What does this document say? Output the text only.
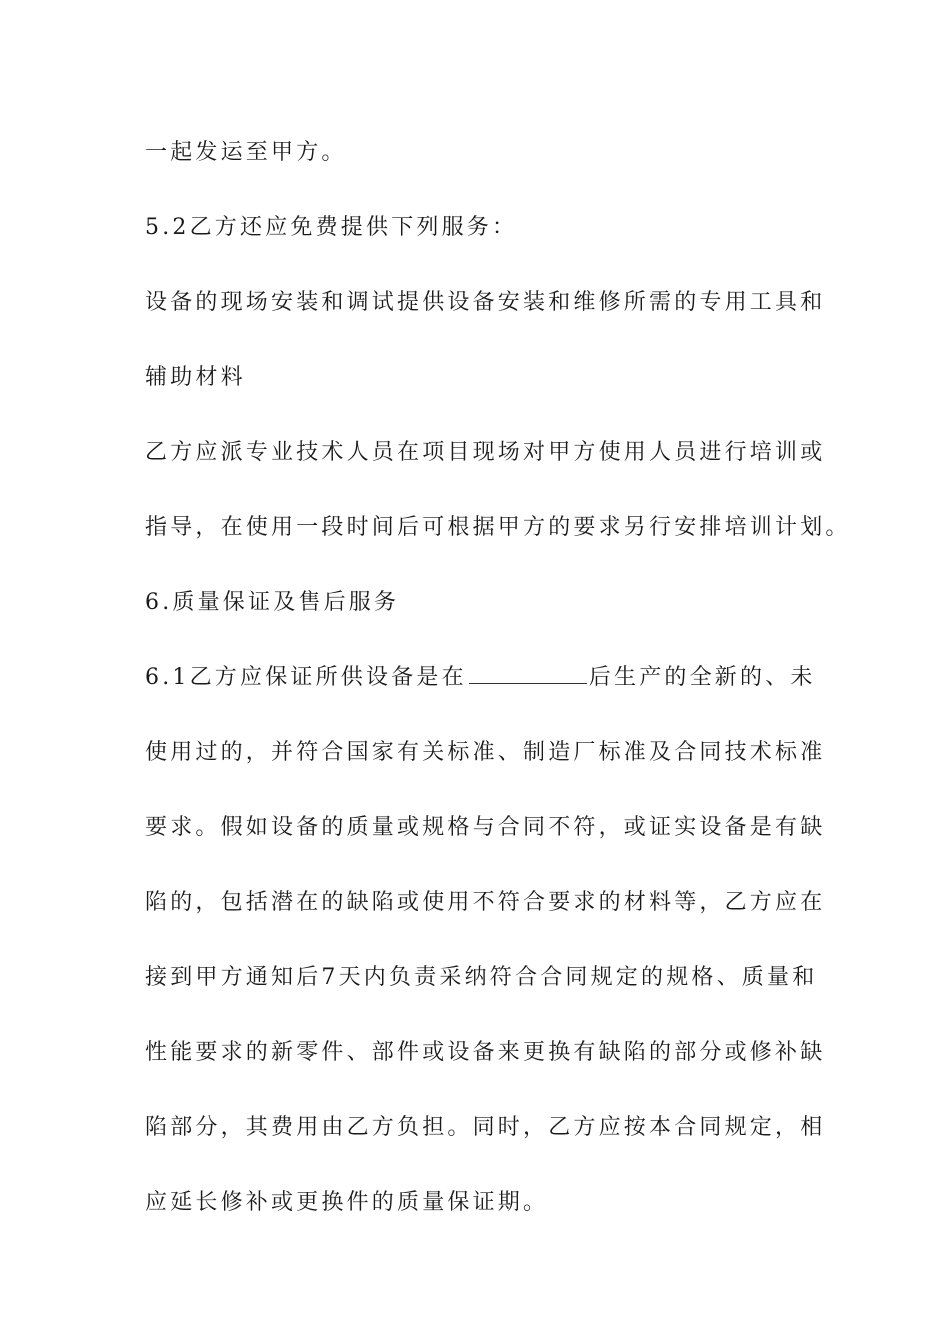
一起发运至甲方。
5.2乙方还应免费提供下列服务：
设备的现场安装和调试提供设备安装和维修所需的专用工具和
辅助材料
乙方应派专业技术人员在项目现场对甲方使用人员进行培训或
指导，在使用一段时间后可根据甲方的要求另行安排培训计划。
6.质量保证及售后服务
6.1乙方应保证所供设备是在	后生产的全新的、未
使用过的，并符合国家有关标准、制造厂标准及合同技术标准
要求。假如设备的质量或规格与合同不符，或证实设备是有缺
陷的，包括潜在的缺陷或使用不符合要求的材料等，乙方应在
接到甲方通知后7天内负责采纳符合合同规定的规格、质量和
性能要求的新零件、部件或设备来更换有缺陷的部分或修补缺
陷部分，其费用由乙方负担。同时，乙方应按本合同规定，相
应延长修补或更换件的质量保证期。
